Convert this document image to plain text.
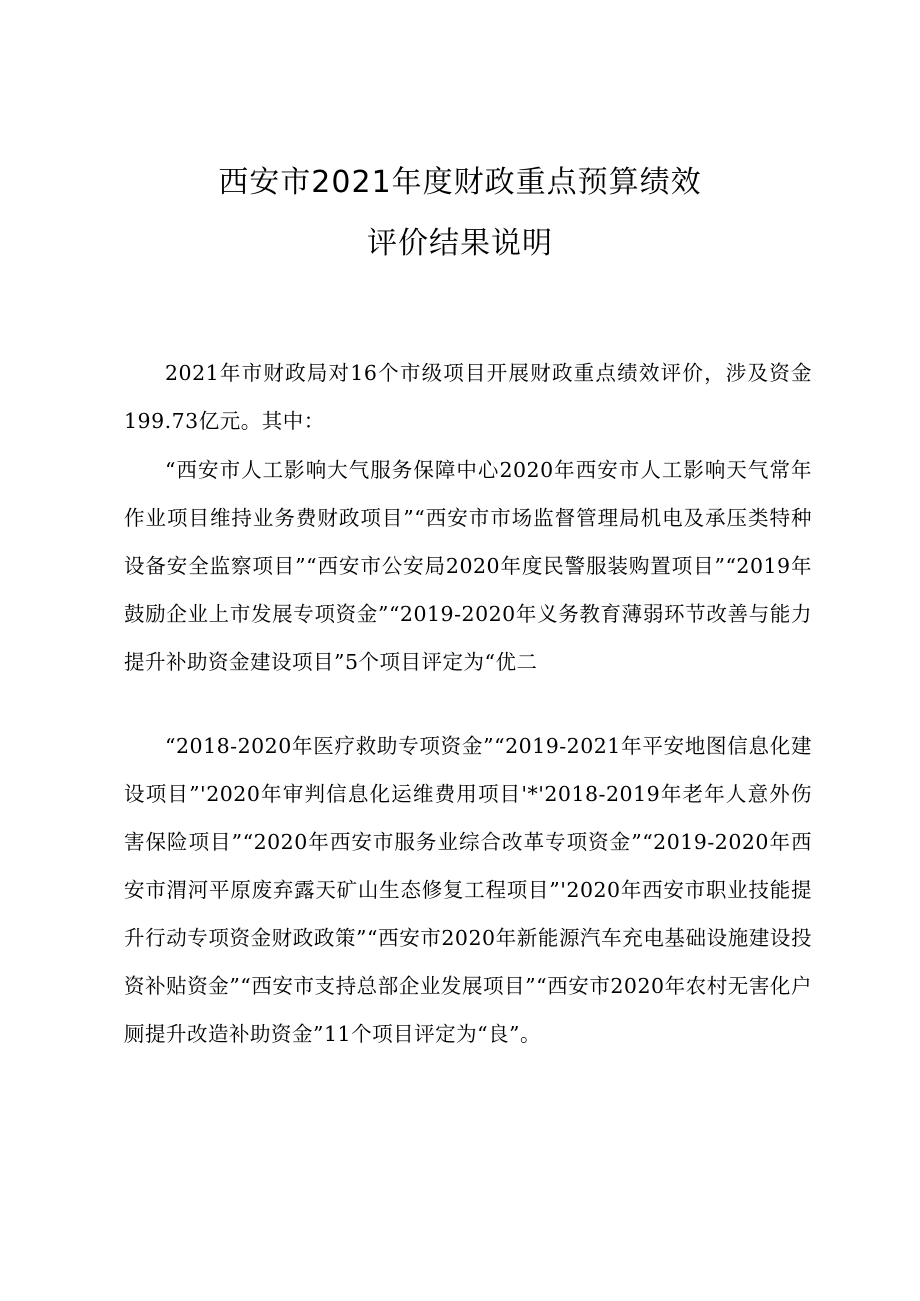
西安市2021年度财政重点预算绩效
评价结果说明

2021年市财政局对16个市级项目开展财政重点绩效评价，涉及资金199.73亿元。其中：

“西安市人工影响大气服务保障中心2020年西安市人工影响天气常年作业项目维持业务费财政项目”“西安市市场监督管理局机电及承压类特种设备安全监察项目”“西安市公安局2020年度民警服装购置项目”“2019年鼓励企业上市发展专项资金”“2019-2020年义务教育薄弱环节改善与能力提升补助资金建设项目”5个项目评定为“优二

“2018-2020年医疗救助专项资金”“2019-2021年平安地图信息化建设项目”'2020年审判信息化运维费用项目'*'2018-2019年老年人意外伤害保险项目”“2020年西安市服务业综合改革专项资金”“2019-2020年西安市渭河平原废弃露天矿山生态修复工程项目”'2020年西安市职业技能提升行动专项资金财政政策”“西安市2020年新能源汽车充电基础设施建设投资补贴资金”“西安市支持总部企业发展项目”“西安市2020年农村无害化户厕提升改造补助资金”11个项目评定为“良”。
